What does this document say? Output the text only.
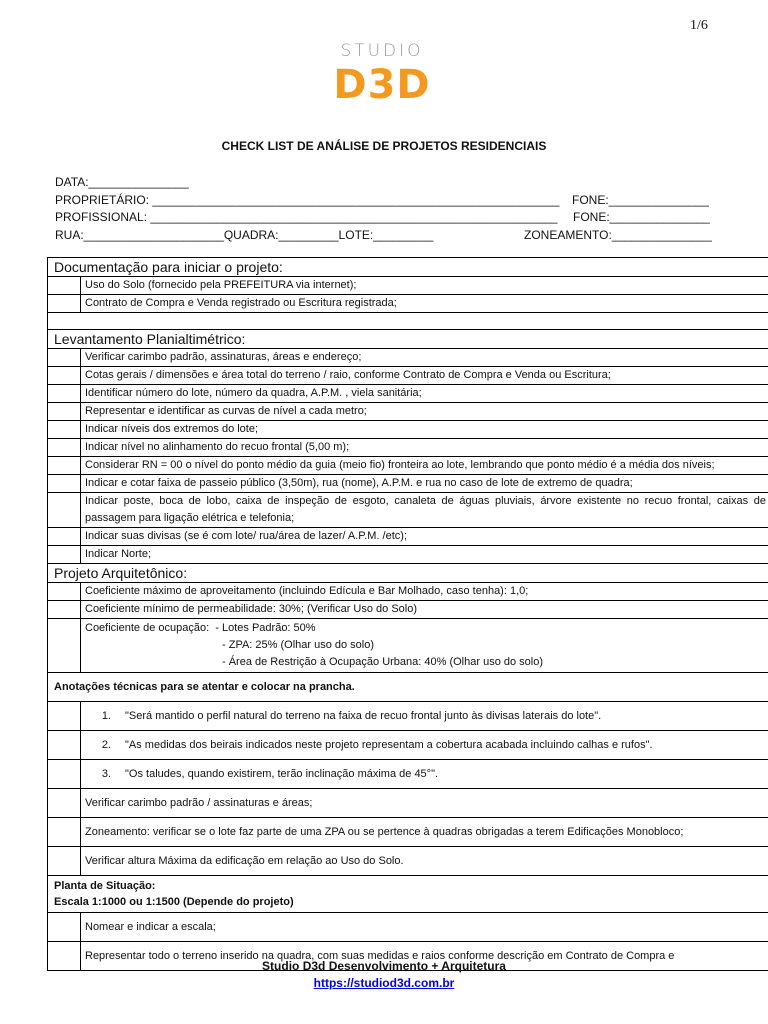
1/6
STUDIO
D3D
CHECK LIST DE ANÁLISE DE PROJETOS RESIDENCIAIS
DATA:_______________
PROPRIETÁRIO: _____________________________________________________________ FONE:_______________
PROFISSIONAL: _____________________________________________________________ FONE:_______________
RUA:_____________________QUADRA:_________LOTE:_________	ZONEAMENTO:_______________
Documentação para iniciar o projeto:	
	Uso do Solo (fornecido pela PREFEITURA via internet);
	Contrato de Compra e Venda registrado ou Escritura registrada;

Levantamento Planialtimétrico:	
	Verificar carimbo padrão, assinaturas, áreas e endereço;
	Cotas gerais / dimensões e área total do terreno / raio, conforme Contrato de Compra e Venda ou Escritura;
	Identificar número do lote, número da quadra, A.P.M. , viela sanitária;
	Representar e identificar as curvas de nível a cada metro;
	Indicar níveis dos extremos do lote;
	Indicar nível no alinhamento do recuo frontal (5,00 m);
	Considerar RN = 00 o nível do ponto médio da guia (meio fio) fronteira ao lote, lembrando que ponto médio é a média dos níveis;
	Indicar e cotar faixa de passeio público (3,50m), rua (nome), A.P.M. e rua no caso de lote de extremo de quadra;
	Indicar poste, boca de lobo, caixa de inspeção de esgoto, canaleta de águas pluviais, árvore existente no recuo frontal, caixas de passagem para ligação elétrica e telefonia;
	Indicar suas divisas (se é com lote/ rua/área de lazer/ A.P.M. /etc);
	Indicar Norte;
Projeto Arquitetônico:	
	Coeficiente máximo de aproveitamento (incluindo Edícula e Bar Molhado, caso tenha): 1,0;
	Coeficiente mínimo de permeabilidade: 30%; (Verificar Uso do Solo)
	Coeficiente de ocupação: - Lotes Padrão: 50%
- ZPA: 25% (Olhar uso do solo)
- Área de Restrição à Ocupação Urbana: 40% (Olhar uso do solo)

Anotações técnicas para se atentar e colocar na prancha.	
	1. "Será mantido o perfil natural do terreno na faixa de recuo frontal junto às divisas laterais do lote".
	2. "As medidas dos beirais indicados neste projeto representam a cobertura acabada incluindo calhas e rufos".
	3. "Os taludes, quando existirem, terão inclinação máxima de 45°".
	Verificar carimbo padrão / assinaturas e áreas;
	Zoneamento: verificar se o lote faz parte de uma ZPA ou se pertence à quadras obrigadas a terem Edificações Monobloco;
	Verificar altura Máxima da edificação em relação ao Uso do Solo.
Planta de Situação:
Escala 1:1000 ou 1:1500 (Depende do projeto)	
	Nomear e indicar a escala;
	Representar todo o terreno inserido na quadra, com suas medidas e raios conforme descrição em Contrato de Compra e
Studio D3d Desenvolvimento + Arquitetura
https://studiod3d.com.br
